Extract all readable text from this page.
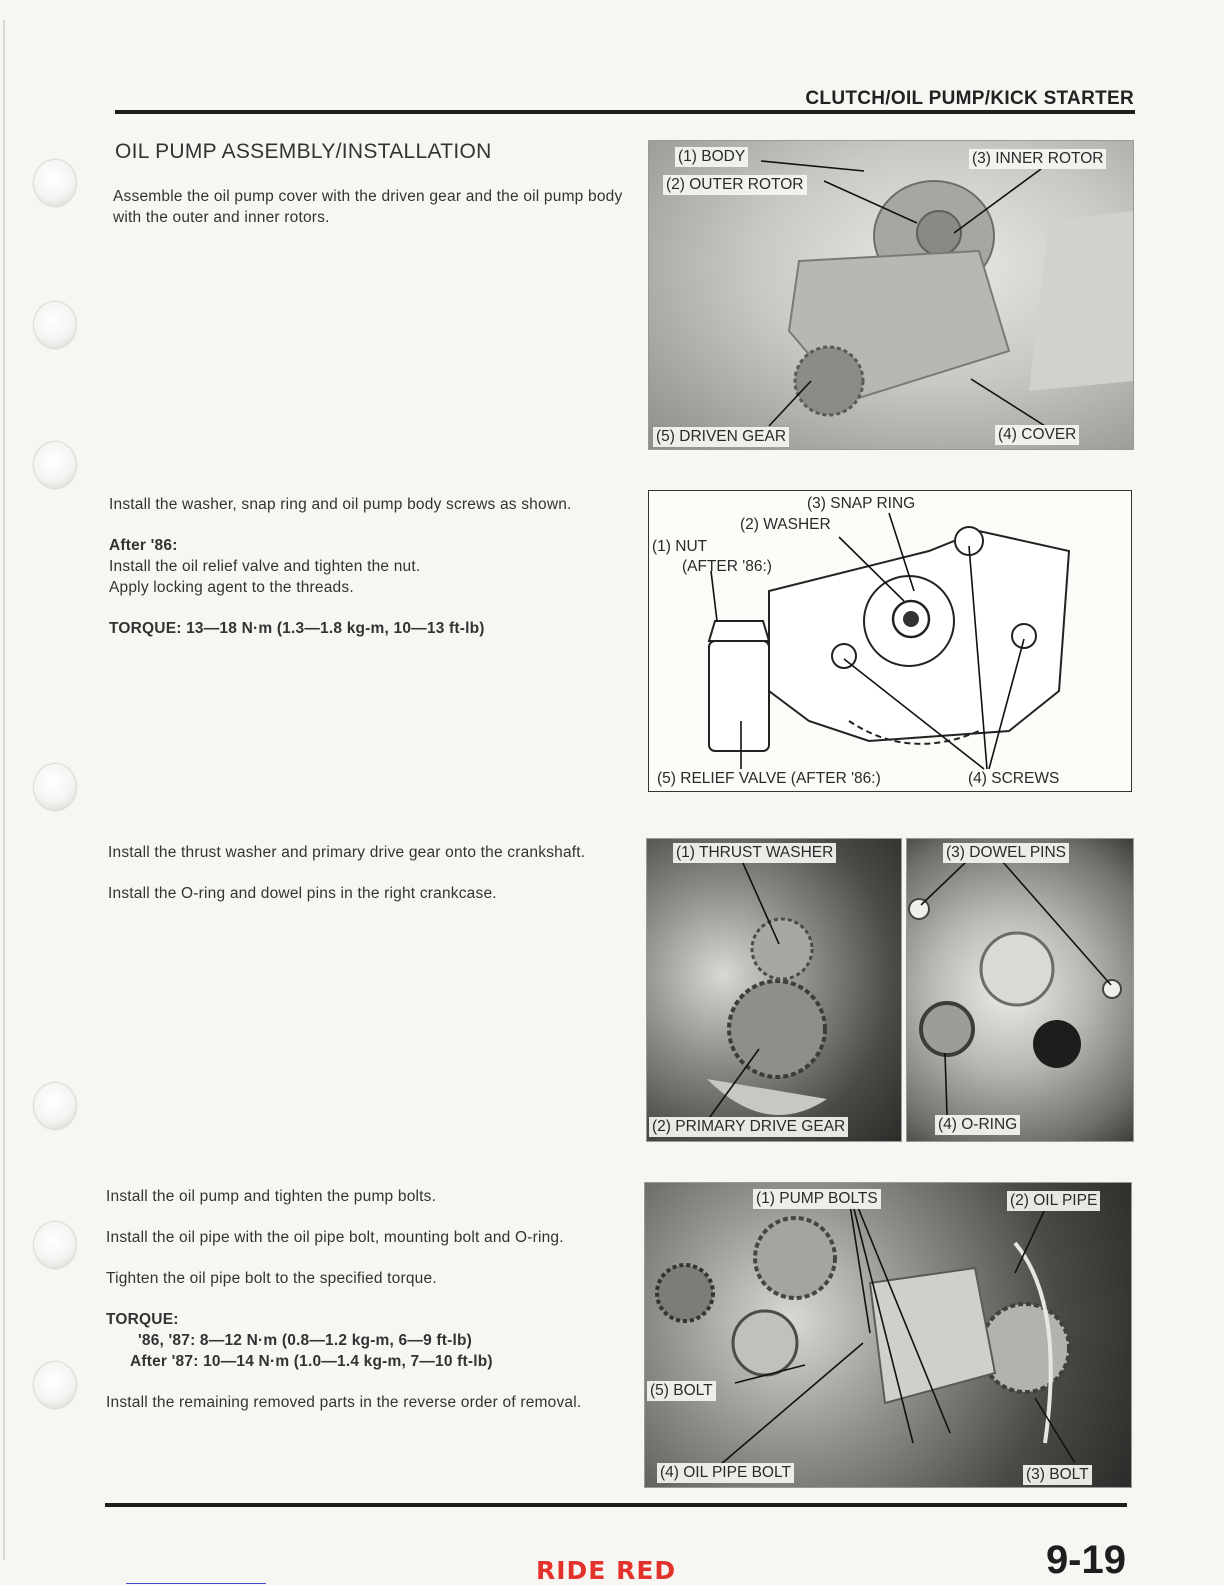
CLUTCH/OIL PUMP/KICK STARTER
OIL PUMP ASSEMBLY/INSTALLATION
Assemble the oil pump cover with the driven gear and the oil pump body with the outer and inner rotors.
(1) BODY
(2) OUTER ROTOR
(3) INNER ROTOR
(4) COVER
(5) DRIVEN GEAR
Install the washer, snap ring and oil pump body screws as shown.
After '86:
Install the oil relief valve and tighten the nut.
Apply locking agent to the threads.
TORQUE: 13—18 N·m (1.3—1.8 kg-m, 10—13 ft-lb)
(1) NUT
(AFTER '86:)
(2) WASHER
(3) SNAP RING
(4) SCREWS
(5) RELIEF VALVE (AFTER '86:)
Install the thrust washer and primary drive gear onto the crankshaft.
Install the O-ring and dowel pins in the right crankcase.
(1) THRUST WASHER
(2) PRIMARY DRIVE GEAR
(3) DOWEL PINS
(4) O-RING
Install the oil pump and tighten the pump bolts.
Install the oil pipe with the oil pipe bolt, mounting bolt and O-ring.
Tighten the oil pipe bolt to the specified torque.
TORQUE:
'86, '87: 8—12 N·m (0.8—1.2 kg-m, 6—9 ft-lb)
After '87: 10—14 N·m (1.0—1.4 kg-m, 7—10 ft-lb)
Install the remaining removed parts in the reverse order of removal.
(1) PUMP BOLTS	(2) OIL PIPE
(3) BOLT
(4) OIL PIPE BOLT
(5) BOLT
RIDE RED	9-19
